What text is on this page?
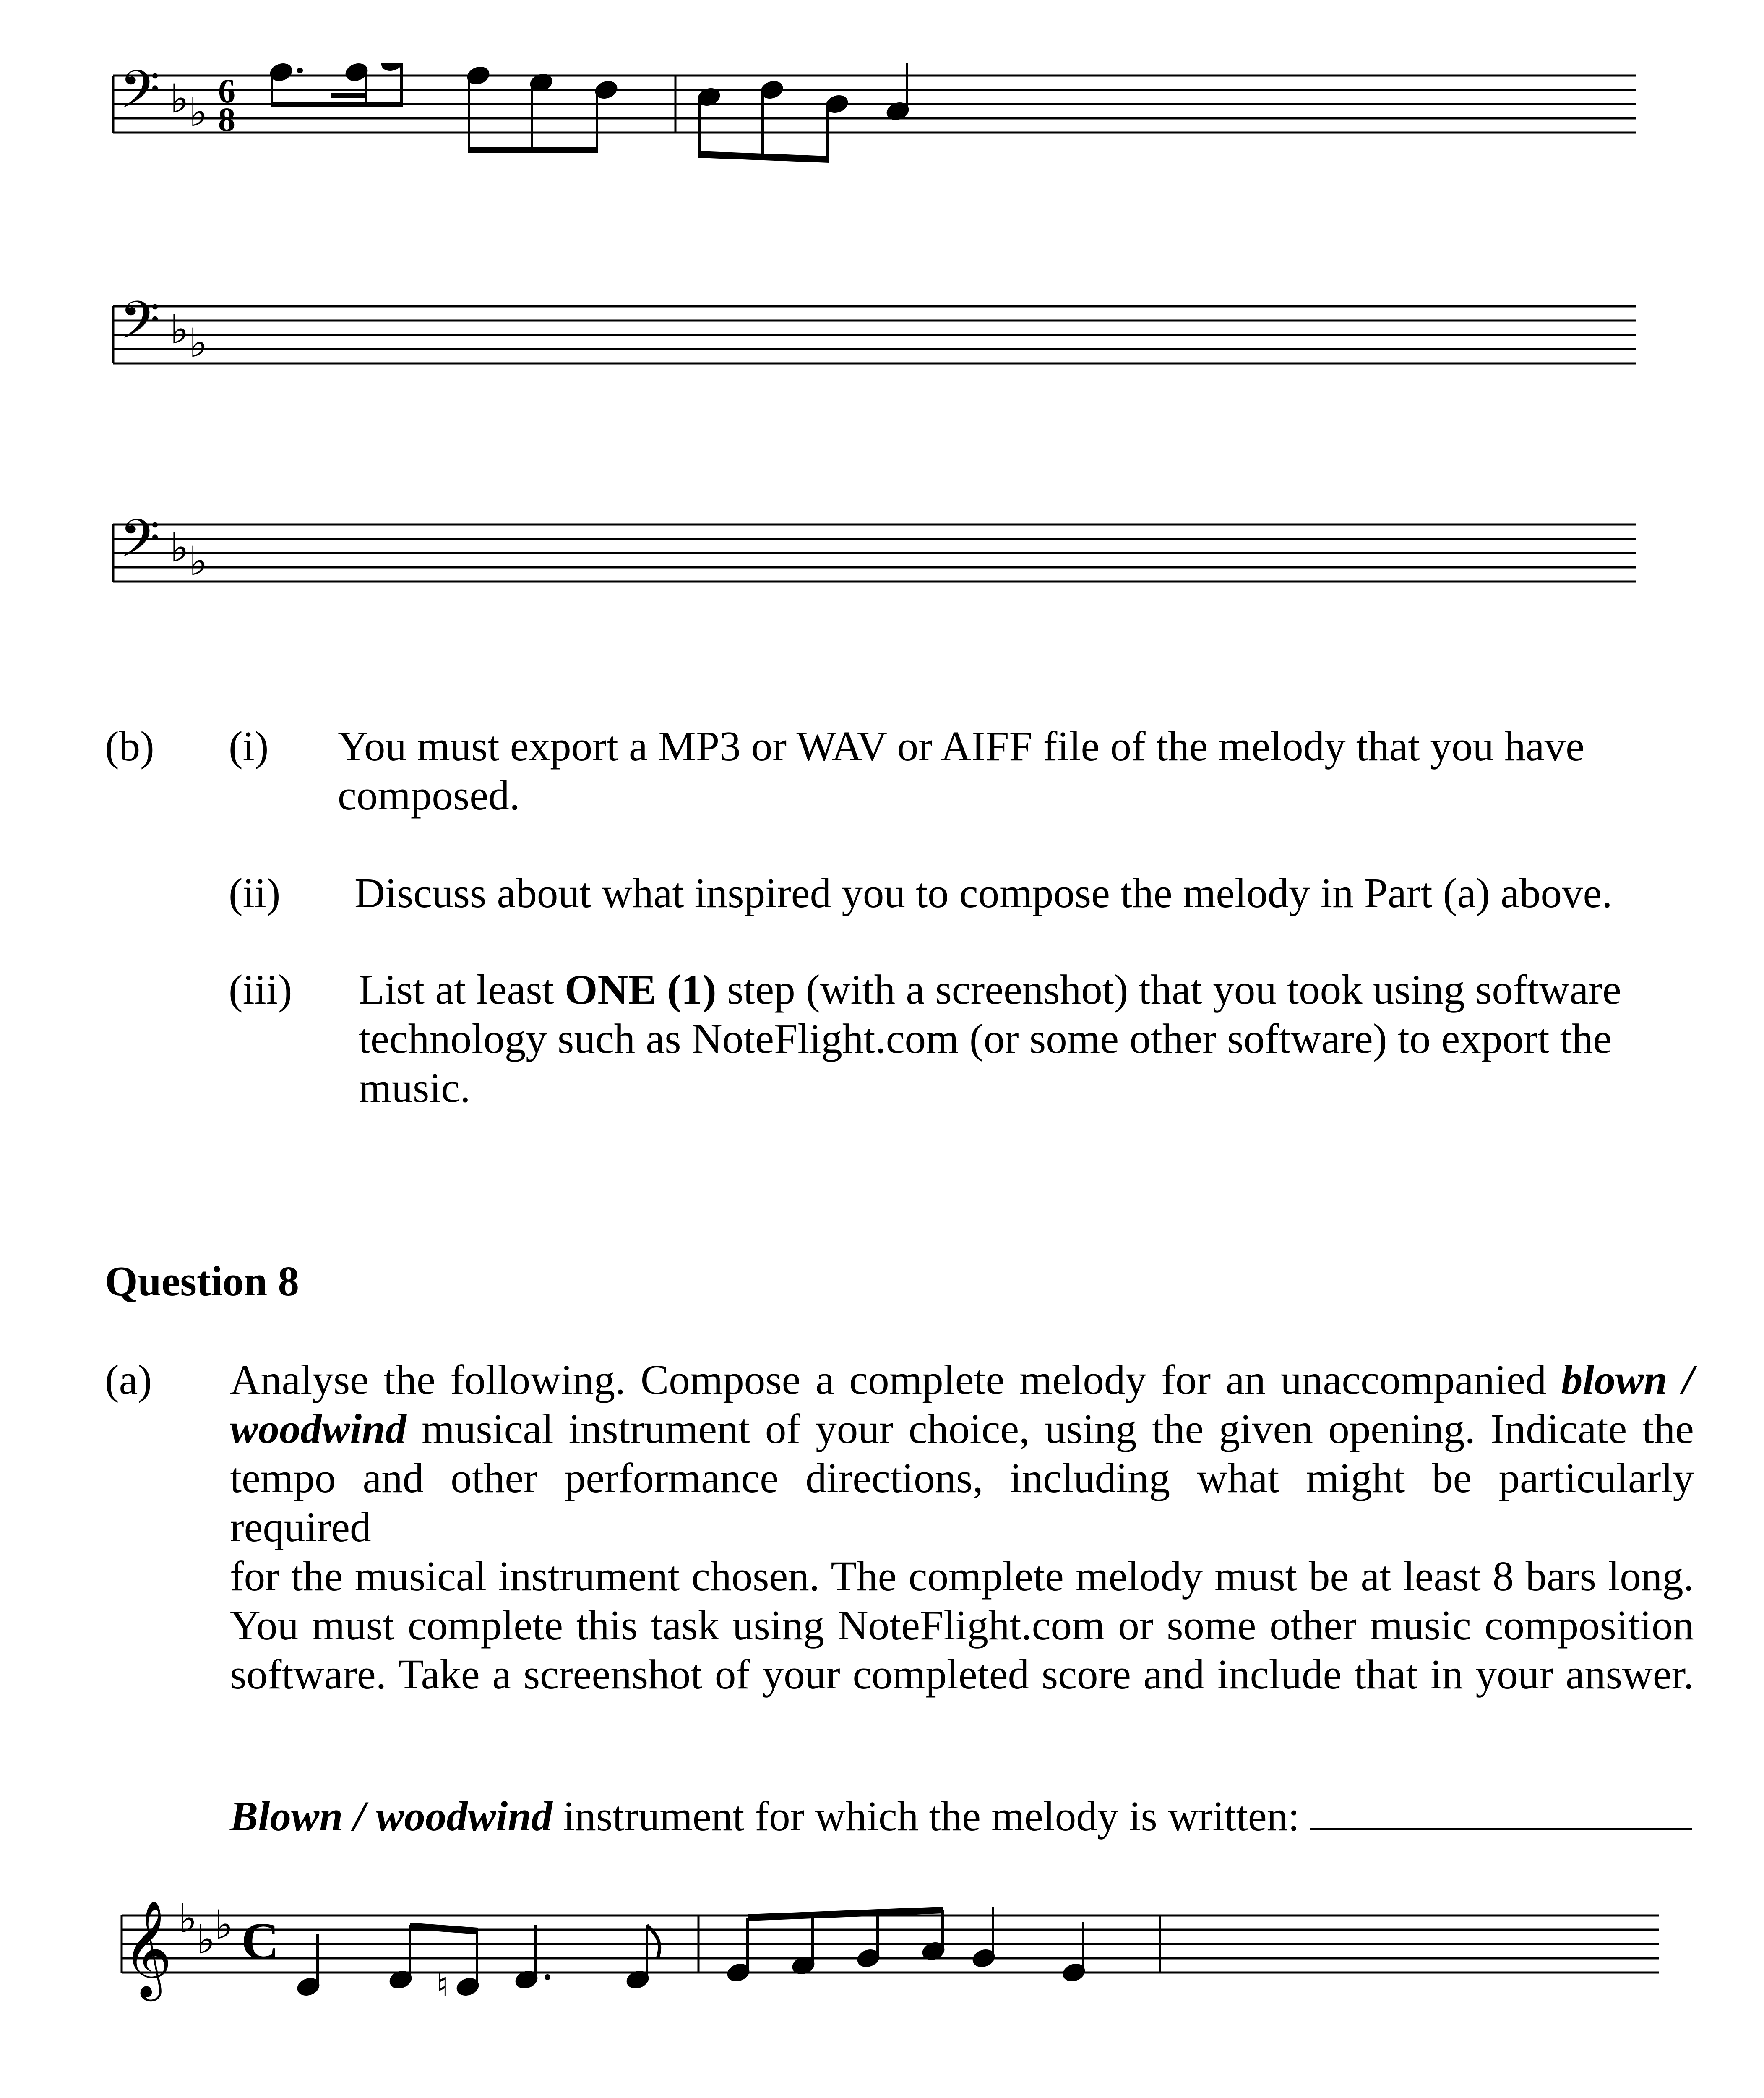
𝄢 ♭ ♭ 6
8
𝄢 ♭ ♭
𝄢 ♭ ♭
(b) (i) You must export a MP3 or WAV or AIFF file of the melody that you have
composed.
(ii) Discuss about what inspired you to compose the melody in Part (a) above.
(iii) List at least ONE (1) step (with a screenshot) that you took using software
technology such as NoteFlight.com (or some other software) to export the
music.
Question 8
(a) Analyse the following. Compose a complete melody for an unaccompanied blown /
woodwind musical instrument of your choice, using the given opening. Indicate the
tempo and other performance directions, including what might be particularly required
for the musical instrument chosen. The complete melody must be at least 8 bars long.
You must complete this task using NoteFlight.com or some other music composition
software. Take a screenshot of your completed score and include that in your answer.
Blown / woodwind instrument for which the melody is written:
𝄞 ♭
♭
♭ C
♮
